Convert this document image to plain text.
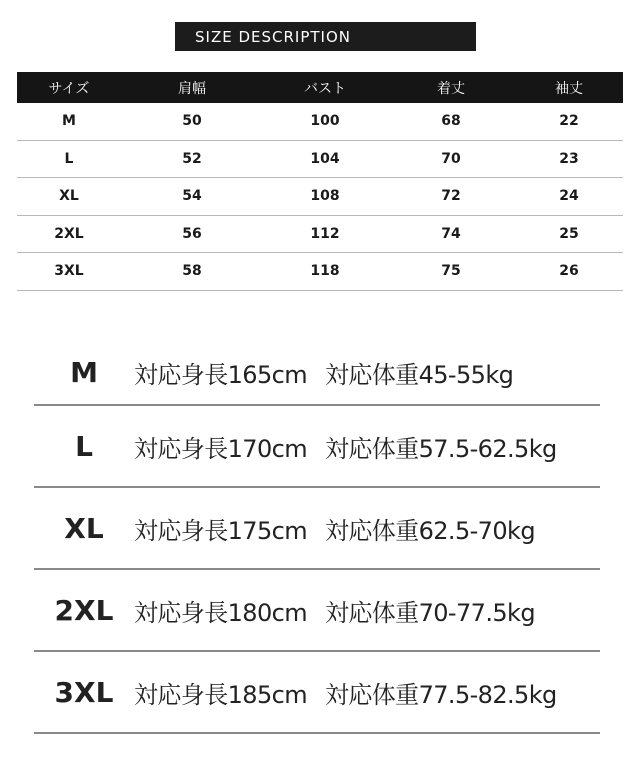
SIZE DESCRIPTION
サイズ	肩幅	バスト	着丈	袖丈
M	50	100	68	22
L	52	104	70	23
XL	54	108	72	24
2XL	56	112	74	25
3XL	58	118	75	26
M	対応身長165cm 対応体重45-55kg
L	対応身長170cm 対応体重57.5-62.5kg
XL	対応身長175cm 対応体重62.5-70kg
2XL 対応身長180cm 対応体重70-77.5kg
3XL 対応身長185cm 対応体重77.5-82.5kg
